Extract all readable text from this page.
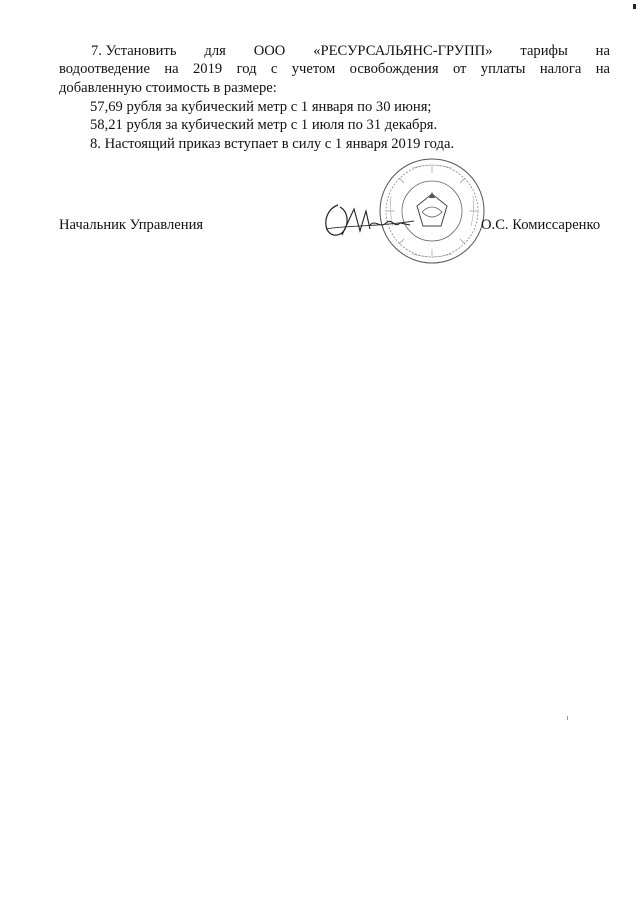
7. Установить для ООО «РЕСУРСАЛЬЯНС-ГРУПП» тарифы на
водоотведение на 2019 год с учетом освобождения от уплаты налога на
добавленную стоимость в размере:
57,69 рубля за кубический метр с 1 января по 30 июня;
58,21 рубля за кубический метр с 1 июля по 31 декабря.
8. Настоящий приказ вступает в силу с 1 января 2019 года.
Начальник Управления	О.С. Комиссаренко
